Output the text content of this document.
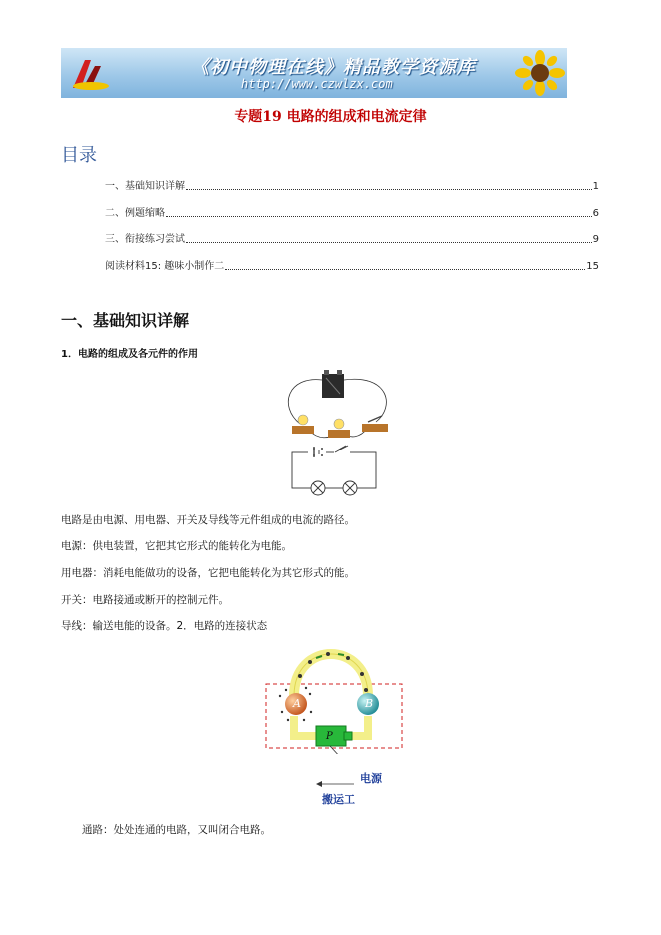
《初中物理在线》精品教学资源库
http://www.czwlzx.com
专题19 电路的组成和电流定律
目录
一、基础知识详解	1
二、例题缩略	6
三、衔接练习尝试	9
阅读材料15: 趣味小制作二	15
一、基础知识详解
1．电路的组成及各元件的作用
电路是由电源、用电器、开关及导线等元件组成的电流的路径。
电源：供电装置，它把其它形式的能转化为电能。
用电器：消耗电能做功的设备，它把电能转化为其它形式的能。
开关：电路接通或断开的控制元件。
导线：输送电能的设备。2．电路的连接状态
A	B
P
电源
搬运工
通路：处处连通的电路，又叫闭合电路。
